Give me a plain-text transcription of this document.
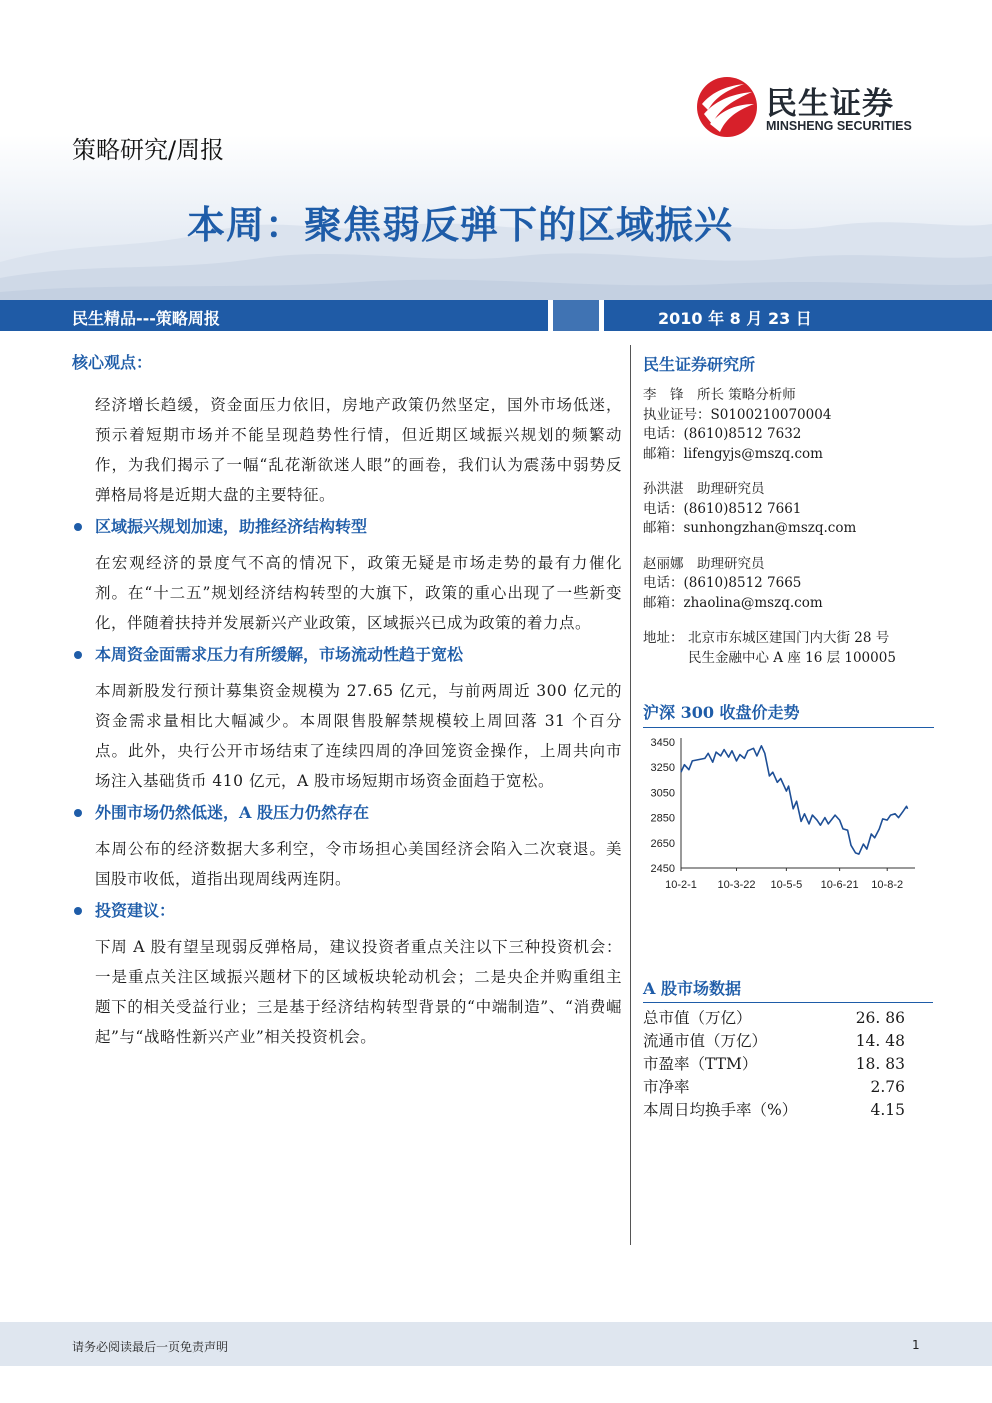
策略研究/周报
本周：聚焦弱反弹下的区域振兴
民生证券
MINSHENG SECURITIES
民生精品---策略周报	2010 年 8 月 23 日
核心观点：
经济增长趋缓，资金面压力依旧，房地产政策仍然坚定，国外市场低迷，预示着短期市场并不能呈现趋势性行情，但近期区域振兴规划的频繁动作，为我们揭示了一幅“乱花渐欲迷人眼”的画卷，我们认为震荡中弱势反弹格局将是近期大盘的主要特征。
区域振兴规划加速，助推经济结构转型
在宏观经济的景度气不高的情况下，政策无疑是市场走势的最有力催化剂。在“十二五”规划经济结构转型的大旗下，政策的重心出现了一些新变化，伴随着扶持并发展新兴产业政策，区域振兴已成为政策的着力点。
本周资金面需求压力有所缓解，市场流动性趋于宽松
本周新股发行预计募集资金规模为 27.65 亿元，与前两周近 300 亿元的资金需求量相比大幅减少。本周限售股解禁规模较上周回落 31 个百分点。此外，央行公开市场结束了连续四周的净回笼资金操作，上周共向市场注入基础货币 410 亿元，A 股市场短期市场资金面趋于宽松。
外围市场仍然低迷，A 股压力仍然存在
本周公布的经济数据大多利空，令市场担心美国经济会陷入二次衰退。美国股市收低，道指出现周线两连阴。
投资建议：
下周 A 股有望呈现弱反弹格局，建议投资者重点关注以下三种投资机会： 一是重点关注区域振兴题材下的区域板块轮动机会；二是央企并购重组主题下的相关受益行业；三是基于经济结构转型背景的“中端制造”、“消费崛起”与“战略性新兴产业”相关投资机会。
民生证券研究所
李　锋　所长 策略分析师
执业证号：S0100210070004
电话：(8610)8512 7632
邮箱：lifengyjs@mszq.com
孙洪湛　助理研究员
电话：(8610)8512 7661
邮箱：sunhongzhan@mszq.com
赵丽娜　助理研究员
电话：(8610)8512 7665
邮箱：zhaolina@mszq.com
地址： 北京市东城区建国门内大街 28 号
民生金融中心 A 座 16 层 100005
沪深 300 收盘价走势
3450
3250
3050
2850
2650
2450
10-2-1 10-3-22 10-5-5 10-6-21 10-8-2
A 股市场数据
总市值（万亿）	26. 86
流通市值（万亿）	14. 48
市盈率（TTM）	18. 83
市净率	2.76
本周日均换手率（%）	4.15
请务必阅读最后一页免责声明	1
